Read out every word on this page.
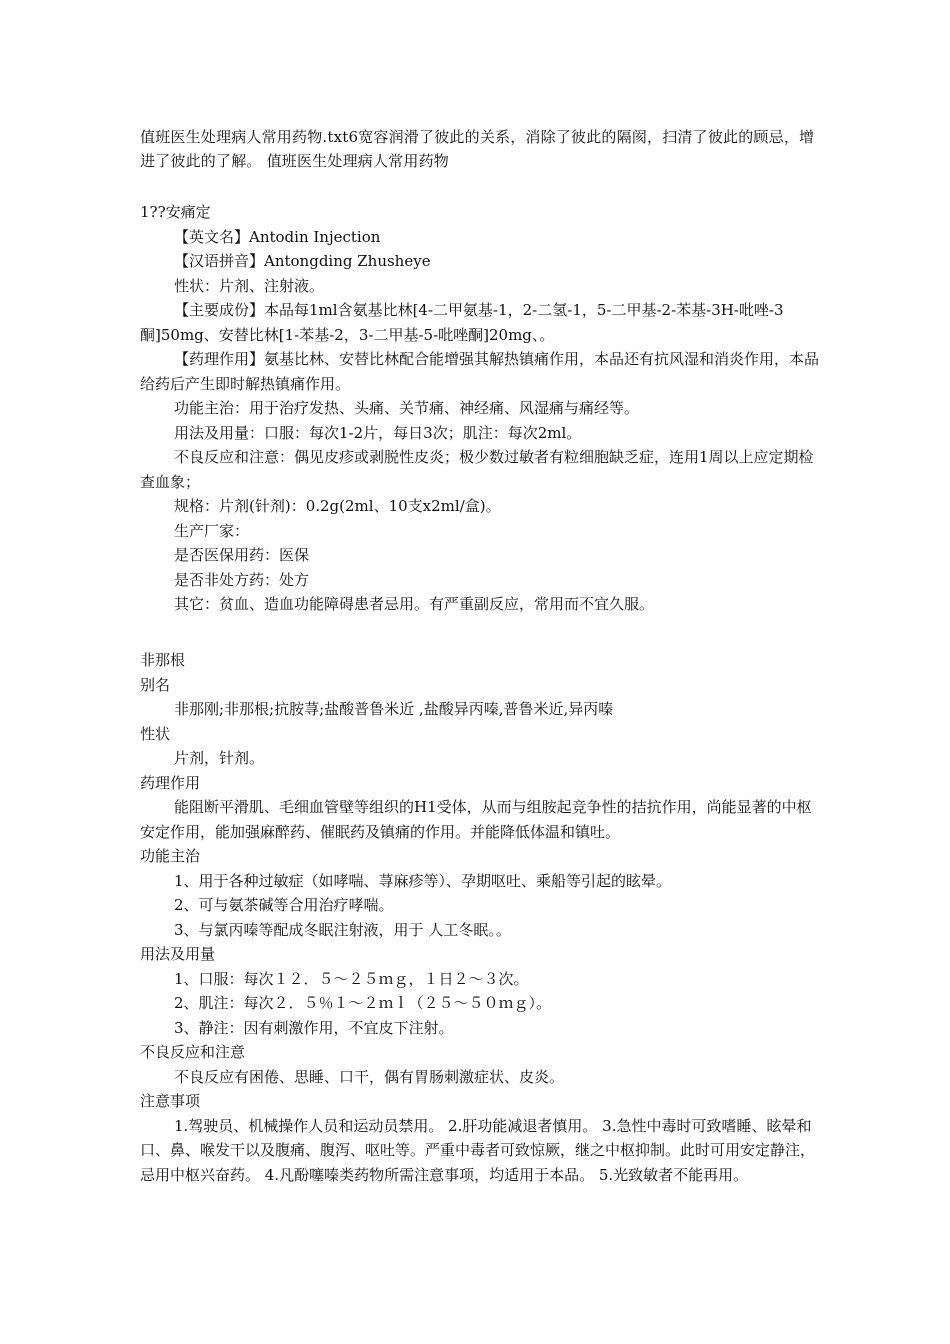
值班医生处理病人常用药物.txt6宽容润滑了彼此的关系，消除了彼此的隔阂，扫清了彼此的顾忌，增进了彼此的了解。 值班医生处理病人常用药物
1??安痛定
【英文名】Antodin Injection
【汉语拼音】Antongding Zhusheye
性状：片剂、注射液。
【主要成份】本品每1ml含氨基比林[4-二甲氨基-1，2-二氢-1，5-二甲基-2-苯基-3H-吡唑-3酮]50mg、安替比林[1-苯基-2，3-二甲基-5-吡唑酮]20mg、。
【药理作用】氨基比林、安替比林配合能增强其解热镇痛作用，本品还有抗风湿和消炎作用，本品给药后产生即时解热镇痛作用。
功能主治：用于治疗发热、头痛、关节痛、神经痛、风湿痛与痛经等。
用法及用量：口服：每次1-2片，每日3次；肌注：每次2ml。
不良反应和注意：偶见皮疹或剥脱性皮炎；极少数过敏者有粒细胞缺乏症，连用1周以上应定期检查血象；
规格：片剂(针剂)：0.2g(2ml、10支x2ml/盒)。
生产厂家：
是否医保用药：医保
是否非处方药：处方
其它：贫血、造血功能障碍患者忌用。有严重副反应，常用而不宜久服。
非那根
别名
非那刚;非那根;抗胺荨;盐酸普鲁米近 ,盐酸异丙嗪,普鲁米近,异丙嗪
性状
片剂，针剂。
药理作用
能阻断平滑肌、毛细血管壁等组织的H1受体，从而与组胺起竞争性的拮抗作用，尚能显著的中枢安定作用，能加强麻醉药、催眠药及镇痛的作用。并能降低体温和镇吐。
功能主治
1、用于各种过敏症（如哮喘、荨麻疹等）、孕期呕吐、乘船等引起的眩晕。
2、可与氨茶碱等合用治疗哮喘。
3、与氯丙嗪等配成冬眠注射液，用于 人工冬眠。。
用法及用量
1、口服：每次１２．５～２５ｍｇ，１日２～３次。
2、肌注：每次２．５％１～２ｍｌ（２５～５０ｍｇ）。
3、静注：因有刺激作用，不宜皮下注射。
不良反应和注意
不良反应有困倦、思睡、口干，偶有胃肠刺激症状、皮炎。
注意事项
1.驾驶员、机械操作人员和运动员禁用。 2.肝功能减退者慎用。 3.急性中毒时可致嗜睡、眩晕和口、鼻、喉发干以及腹痛、腹泻、呕吐等。严重中毒者可致惊厥，继之中枢抑制。此时可用安定静注，忌用中枢兴奋药。 4.凡酚噻嗪类药物所需注意事项，均适用于本品。 5.光致敏者不能再用。
